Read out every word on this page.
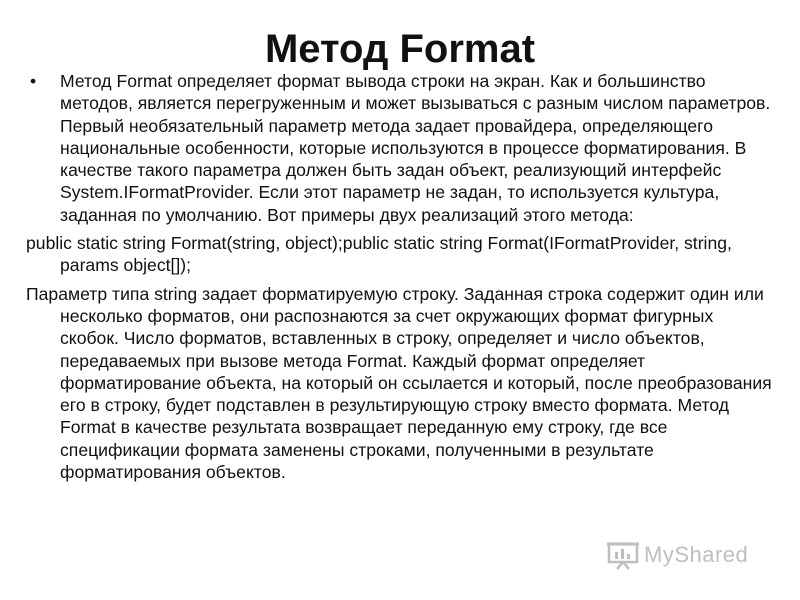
Метод Format

• Метод Format определяет формат вывода строки на экран. Как и большинство методов, является перегруженным и может вызываться с разным числом параметров. Первый необязательный параметр метода задает провайдера, определяющего национальные особенности, которые используются в процессе форматирования. В качестве такого параметра должен быть задан объект, реализующий интерфейс System.IFormatProvider. Если этот параметр не задан, то используется культура, заданная по умолчанию. Вот примеры двух реализаций этого метода:

public static string Format(string, object);public static string Format(IFormatProvider, string, params object[]);

Параметр типа string задает форматируемую строку. Заданная строка содержит один или несколько форматов, они распознаются за счет окружающих формат фигурных скобок. Число форматов, вставленных в строку, определяет и число объектов, передаваемых при вызове метода Format. Каждый формат определяет форматирование объекта, на который он ссылается и который, после преобразования его в строку, будет подставлен в результирующую строку вместо формата. Метод Format в качестве результата возвращает переданную ему строку, где все спецификации формата заменены строками, полученными в результате форматирования объектов.

MyShared
